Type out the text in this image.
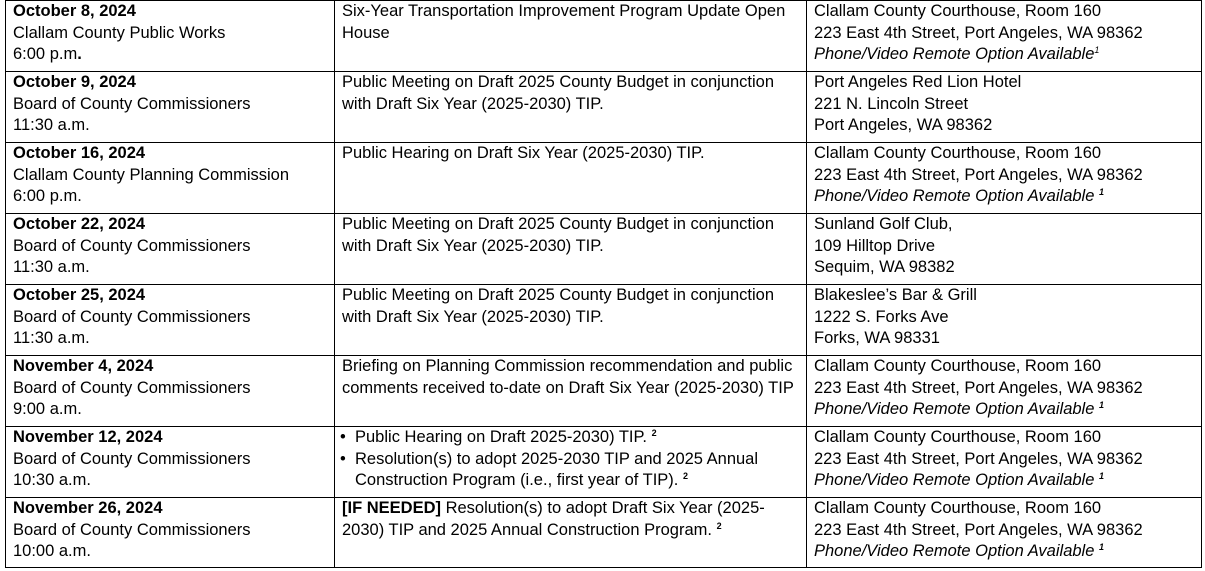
October 8, 2024
Clallam County Public Works
6:00 p.m.	Six-Year Transportation Improvement Program Update Open House	Clallam County Courthouse, Room 160
223 East 4th Street, Port Angeles, WA 98362
Phone/Video Remote Option Available$^1$

October 9, 2024
Board of County Commissioners
11:30 a.m.	Public Meeting on Draft 2025 County Budget in conjunction with Draft Six Year (2025-2030) TIP.	Port Angeles Red Lion Hotel
221 N. Lincoln Street
Port Angeles, WA 98362

October 16, 2024
Clallam County Planning Commission
6:00 p.m.	Public Hearing on Draft Six Year (2025-2030) TIP.	Clallam County Courthouse, Room 160
223 East 4th Street, Port Angeles, WA 98362
Phone/Video Remote Option Available $^1$

October 22, 2024
Board of County Commissioners
11:30 a.m.	Public Meeting on Draft 2025 County Budget in conjunction with Draft Six Year (2025-2030) TIP.	Sunland Golf Club,
109 Hilltop Drive
Sequim, WA 98382

October 25, 2024
Board of County Commissioners
11:30 a.m.	Public Meeting on Draft 2025 County Budget in conjunction with Draft Six Year (2025-2030) TIP.	Blakeslee’s Bar & Grill
1222 S. Forks Ave
Forks, WA 98331

November 4, 2024
Board of County Commissioners
9:00 a.m.	Briefing on Planning Commission recommendation and public comments received to-date on Draft Six Year (2025-2030) TIP	Clallam County Courthouse, Room 160
223 East 4th Street, Port Angeles, WA 98362
Phone/Video Remote Option Available $^1$

November 12, 2024
Board of County Commissioners
10:30 a.m.	• Public Hearing on Draft 2025-2030) TIP. $^2$
• Resolution(s) to adopt 2025-2030 TIP and 2025 Annual Construction Program (i.e., first year of TIP). $^2$	Clallam County Courthouse, Room 160
223 East 4th Street, Port Angeles, WA 98362
Phone/Video Remote Option Available $^1$

November 26, 2024
Board of County Commissioners
10:00 a.m.	[IF NEEDED] Resolution(s) to adopt Draft Six Year (2025-2030) TIP and 2025 Annual Construction Program. $^2$	Clallam County Courthouse, Room 160
223 East 4th Street, Port Angeles, WA 98362
Phone/Video Remote Option Available $^1$
